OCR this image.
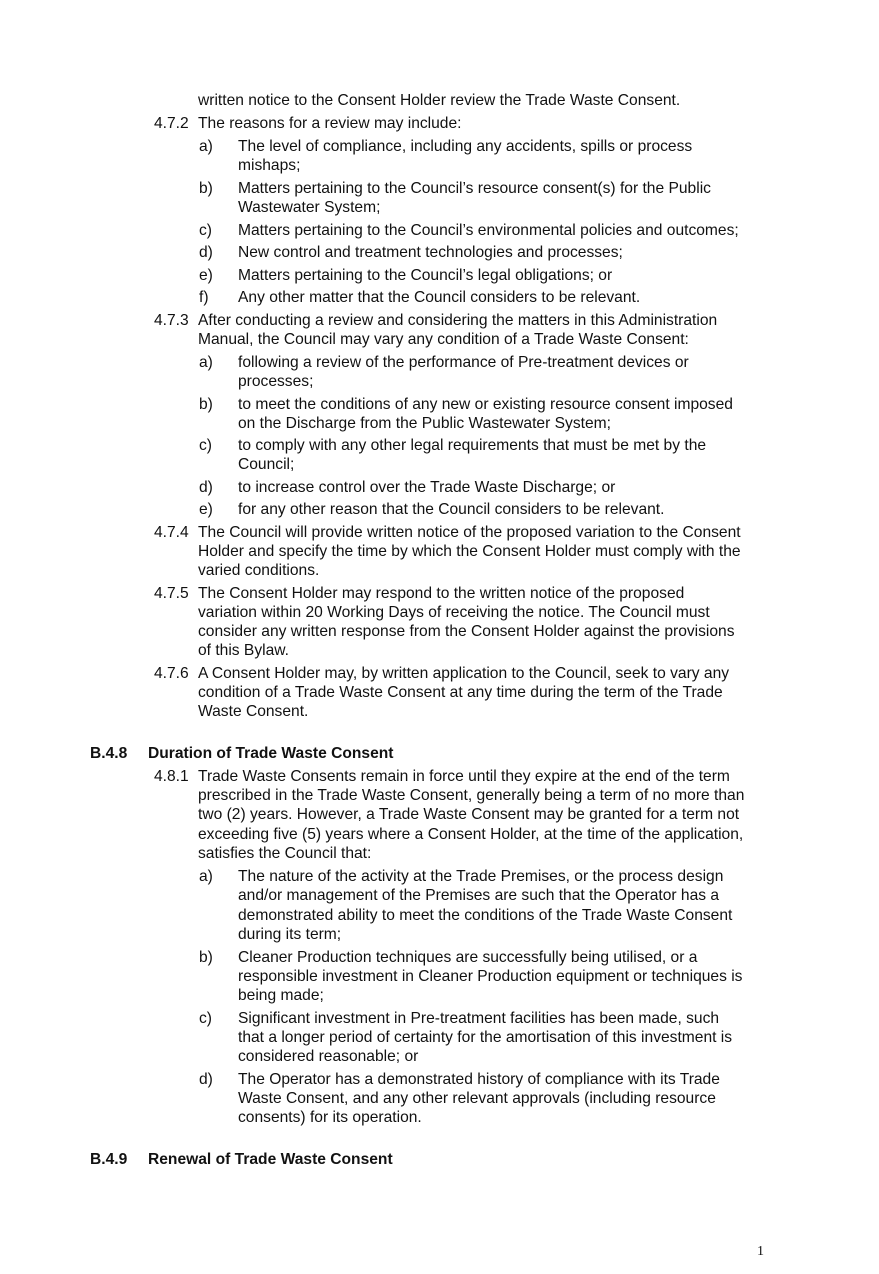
written notice to the Consent Holder review the Trade Waste Consent.
4.7.2 The reasons for a review may include:
a) The level of compliance, including any accidents, spills or process
mishaps;
b) Matters pertaining to the Council’s resource consent(s) for the Public
Wastewater System;
c) Matters pertaining to the Council’s environmental policies and outcomes;
d) New control and treatment technologies and processes;
e) Matters pertaining to the Council’s legal obligations; or
f) Any other matter that the Council considers to be relevant.
4.7.3 After conducting a review and considering the matters in this Administration
Manual, the Council may vary any condition of a Trade Waste Consent:
a) following a review of the performance of Pre-treatment devices or
processes;
b) to meet the conditions of any new or existing resource consent imposed
on the Discharge from the Public Wastewater System;
c) to comply with any other legal requirements that must be met by the
Council;
d) to increase control over the Trade Waste Discharge; or
e) for any other reason that the Council considers to be relevant.
4.7.4 The Council will provide written notice of the proposed variation to the Consent
Holder and specify the time by which the Consent Holder must comply with the
varied conditions.
4.7.5 The Consent Holder may respond to the written notice of the proposed
variation within 20 Working Days of receiving the notice. The Council must
consider any written response from the Consent Holder against the provisions
of this Bylaw.
4.7.6 A Consent Holder may, by written application to the Council, seek to vary any
condition of a Trade Waste Consent at any time during the term of the Trade
Waste Consent.
B.4.8 Duration of Trade Waste Consent
4.8.1 Trade Waste Consents remain in force until they expire at the end of the term
prescribed in the Trade Waste Consent, generally being a term of no more than
two (2) years. However, a Trade Waste Consent may be granted for a term not
exceeding five (5) years where a Consent Holder, at the time of the application,
satisfies the Council that:
a) The nature of the activity at the Trade Premises, or the process design
and/or management of the Premises are such that the Operator has a
demonstrated ability to meet the conditions of the Trade Waste Consent
during its term;
b) Cleaner Production techniques are successfully being utilised, or a
responsible investment in Cleaner Production equipment or techniques is
being made;
c) Significant investment in Pre-treatment facilities has been made, such
that a longer period of certainty for the amortisation of this investment is
considered reasonable; or
d) The Operator has a demonstrated history of compliance with its Trade
Waste Consent, and any other relevant approvals (including resource
consents) for its operation.
B.4.9 Renewal of Trade Waste Consent
1
